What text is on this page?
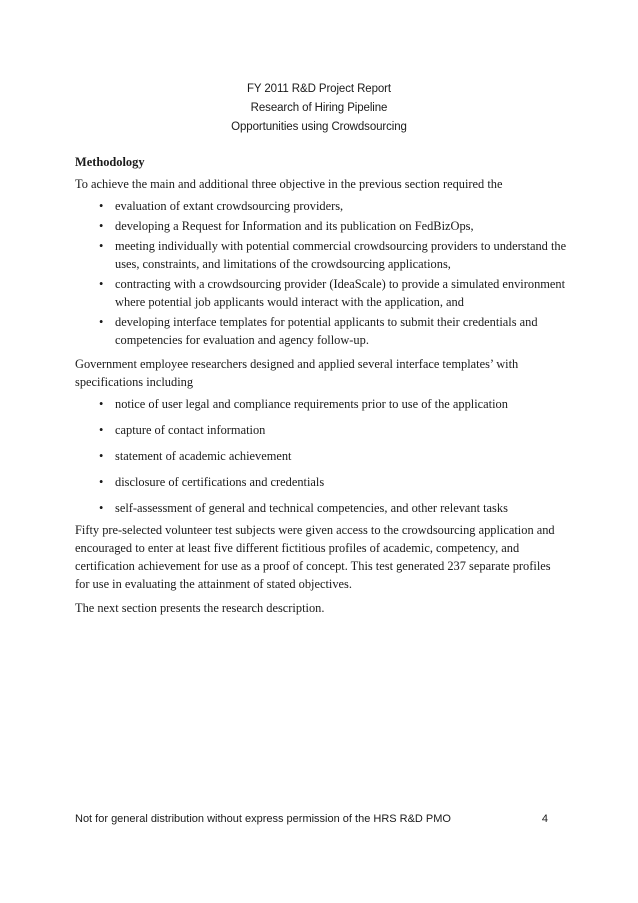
FY 2011 R&D Project Report
Research of Hiring Pipeline
Opportunities using Crowdsourcing
Methodology

To achieve the main and additional three objective in the previous section required the

• evaluation of extant crowdsourcing providers,
• developing a Request for Information and its publication on FedBizOps,
• meeting individually with potential commercial crowdsourcing providers to understand the uses, constraints, and limitations of the crowdsourcing applications,
• contracting with a crowdsourcing provider (IdeaScale) to provide a simulated environment where potential job applicants would interact with the application, and
• developing interface templates for potential applicants to submit their credentials and competencies for evaluation and agency follow-up.

Government employee researchers designed and applied several interface templates’ with specifications including

• notice of user legal and compliance requirements prior to use of the application
• capture of contact information
• statement of academic achievement
• disclosure of certifications and credentials
• self-assessment of general and technical competencies, and other relevant tasks

Fifty pre-selected volunteer test subjects were given access to the crowdsourcing application and encouraged to enter at least five different fictitious profiles of academic, competency, and certification achievement for use as a proof of concept. This test generated 237 separate profiles for use in evaluating the attainment of stated objectives.

The next section presents the research description.

Not for general distribution without express permission of the HRS R&D PMO	4
